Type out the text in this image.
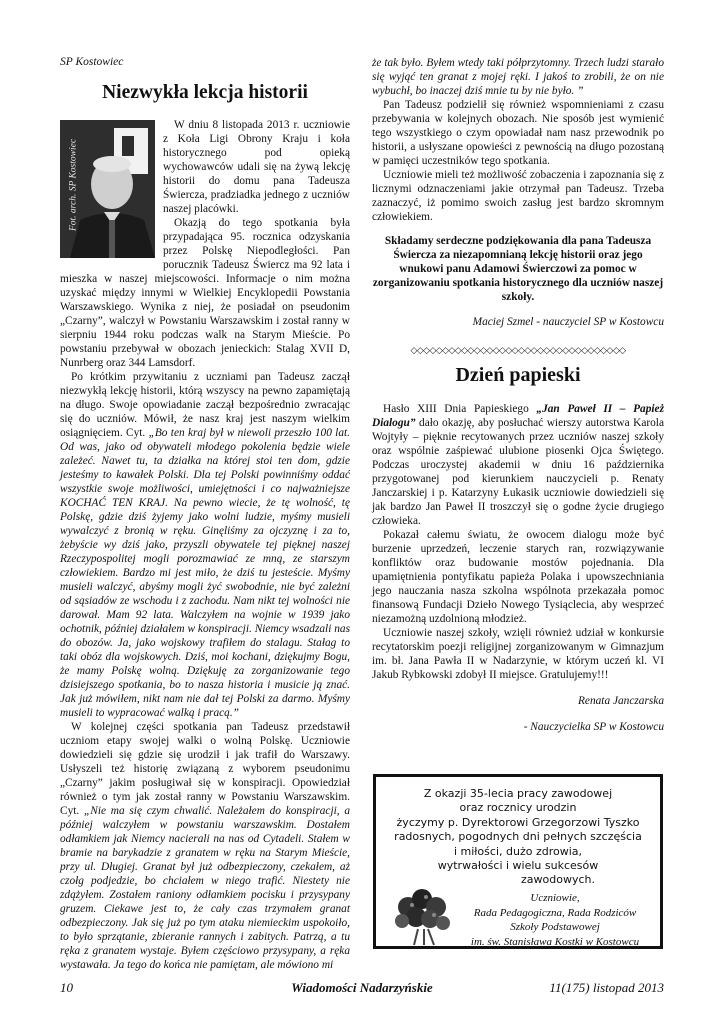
SP Kostowiec

Niezwykła lekcja historii
Fot. arch. SP Kostowiec

W dniu 8 listopada 2013 r. uczniowie z Koła Ligi Obrony Kraju i koła historycznego pod opieką wychowawców udali się na żywą lekcję historii do domu pana Tadeusza Świercza, pradziadka jednego z uczniów naszej placówki.

Okazją do tego spotkania była przypadająca 95. rocznica odzyskania przez Polskę Niepodległości. Pan porucznik Tadeusz Świercz ma 92 lata i mieszka w naszej miejscowości. Informacje o nim można uzyskać między innymi w Wielkiej Encyklopedii Powstania Warszawskiego. Wynika z niej, że posiadał on pseudonim „Czarny”, walczył w Powstaniu Warszawskim i został ranny w sierpniu 1944 roku podczas walk na Starym Mieście. Po powstaniu przebywał w obozach jenieckich: Stalag XVII D, Nunrberg oraz 344 Lamsdorf.

Po krótkim przywitaniu z uczniami pan Tadeusz zaczął niezwykłą lekcję historii, którą wszyscy na pewno zapamiętają na długo. Swoje opowiadanie zaczął bezpośrednio zwracając się do uczniów. Mówił, że nasz kraj jest naszym wielkim osiągnięciem. Cyt. „Bo ten kraj był w niewoli przeszło 100 lat. Od was, jako od obywateli młodego pokolenia będzie wiele zależeć. Nawet tu, ta działka na której stoi ten dom, gdzie jesteśmy to kawałek Polski. Dla tej Polski powinniśmy oddać wszystkie swoje możliwości, umiejętności i co najważniejsze KOCHAĆ TEN KRAJ. Na pewno wiecie, że tę wolność, tę Polskę, gdzie dziś żyjemy jako wolni ludzie, myśmy musieli wywalczyć z bronią w ręku. Ginęliśmy za ojczyznę i za to, żebyście wy dziś jako, przyszli obywatele tej pięknej naszej Rzeczypospolitej mogli porozmawiać ze mną, ze starszym człowiekiem. Bardzo mi jest miło, że dziś tu jesteście. Myśmy musieli walczyć, abyśmy mogli żyć swobodnie, nie być zależni od sąsiadów ze wschodu i z zachodu. Nam nikt tej wolności nie darował. Mam 92 lata. Walczyłem na wojnie w 1939 jako ochotnik, później działałem w konspiracji. Niemcy wsadzali nas do obozów. Ja, jako wojskowy trafiłem do stalagu. Stałag to taki obóz dla wojskowych. Dziś, moi kochani, dziękujmy Bogu, że mamy Polskę wolną. Dziękuję za zorganizowanie tego dzisiejszego spotkania, bo to nasza historia i musicie ją znać. Jak już mówiłem, nikt nam nie dał tej Polski za darmo. Myśmy musieli to wypracować walką i pracą.”

W kolejnej części spotkania pan Tadeusz przedstawił uczniom etapy swojej walki o wolną Polskę. Uczniowie dowiedzieli się gdzie się urodził i jak trafił do Warszawy. Usłyszeli też historię związaną z wyborem pseudonimu „Czarny” jakim posługiwał się w konspiracji. Opowiedział również o tym jak został ranny w Powstaniu Warszawskim. Cyt. „Nie ma się czym chwalić. Należałem do konspiracji, a później walczyłem w powstaniu warszawskim. Dostałem odłamkiem jak Niemcy nacierali na nas od Cytadeli. Stałem w bramie na barykadzie z granatem w ręku na Starym Mieście, przy ul. Długiej. Granat był już odbezpieczony, czekałem, aż czołg podjedzie, bo chciałem w niego trafić. Niestety nie zdążyłem. Zostałem raniony odłamkiem pocisku i przysypany gruzem. Ciekawe jest to, że cały czas trzymałem granat odbezpieczony. Jak się już po tym ataku niemieckim uspokoiło, to było sprzątanie, zbieranie rannych i zabitych. Patrzą, a tu ręka z granatem wystaje. Byłem częściowo przysypany, a ręka wystawała. Ja tego do końca nie pamiętam, ale mówiono mi

że tak było. Byłem wtedy taki półprzytomny. Trzech ludzi starało się wyjąć ten granat z mojej ręki. I jakoś to zrobili, że on nie wybuchł, bo inaczej dziś mnie tu by nie było. ”

Pan Tadeusz podzielił się również wspomnieniami z czasu przebywania w kolejnych obozach. Nie sposób jest wymienić tego wszystkiego o czym opowiadał nam nasz przewodnik po historii, a usłyszane opowieści z pewnością na długo pozostaną w pamięci uczestników tego spotkania.

Uczniowie mieli też możliwość zobaczenia i zapoznania się z licznymi odznaczeniami jakie otrzymał pan Tadeusz. Trzeba zaznaczyć, iż pomimo swoich zasług jest bardzo skromnym człowiekiem.

Składamy serdeczne podziękowania dla pana Tadeusza Świercza za niezapomnianą lekcję historii oraz jego wnukowi panu Adamowi Świerczowi za pomoc w zorganizowaniu spotkania historycznego dla uczniów naszej szkoły.

Maciej Szmel - nauczyciel SP w Kostowcu

◇◇◇◇◇◇◇◇◇◇◇◇◇◇◇◇◇◇◇◇◇◇◇◇◇◇◇◇◇◇◇◇◇◇
Dzień papieski

Hasło XIII Dnia Papieskiego „Jan Paweł II – Papież Dialogu” dało okazję, aby posłuchać wierszy autorstwa Karola Wojtyły – pięknie recytowanych przez uczniów naszej szkoły oraz wspólnie zaśpiewać ulubione piosenki Ojca Świętego. Podczas uroczystej akademii w dniu 16 października przygotowanej pod kierunkiem nauczycieli p. Renaty Janczarskiej i p. Katarzyny Łukasik uczniowie dowiedzieli się jak bardzo Jan Paweł II troszczył się o godne życie drugiego człowieka.

Pokazał całemu światu, że owocem dialogu może być burzenie uprzedzeń, leczenie starych ran, rozwiązywanie konfliktów oraz budowanie mostów pojednania. Dla upamiętnienia pontyfikatu papieża Polaka i upowszechniania jego nauczania nasza szkolna wspólnota przekazała pomoc finansową Fundacji Dzieło Nowego Tysiąclecia, aby wesprzeć niezamożną uzdolnioną młodzież.

Uczniowie naszej szkoły, wzięli również udział w konkursie recytatorskim poezji religijnej zorganizowanym w Gimnazjum im. bł. Jana Pawła II w Nadarzynie, w którym uczeń kl. VI Jakub Rybkowski zdobył II miejsce. Gratulujemy!!!

Renata Janczarska

- Nauczycielka SP w Kostowcu

Z okazji 35-lecia pracy zawodowej
oraz rocznicy urodzin
życzymy p. Dyrektorowi Grzegorzowi Tyszko
radosnych, pogodnych dni pełnych szczęścia
i miłości, dużo zdrowia,
wytrwałości i wielu sukcesów
zawodowych.
Uczniowie,
Rada Pedagogiczna, Rada Rodziców
Szkoły Podstawowej
im. św. Stanisława Kostki w Kostowcu
10	Wiadomości Nadarzyńskie	11(175) listopad 2013
